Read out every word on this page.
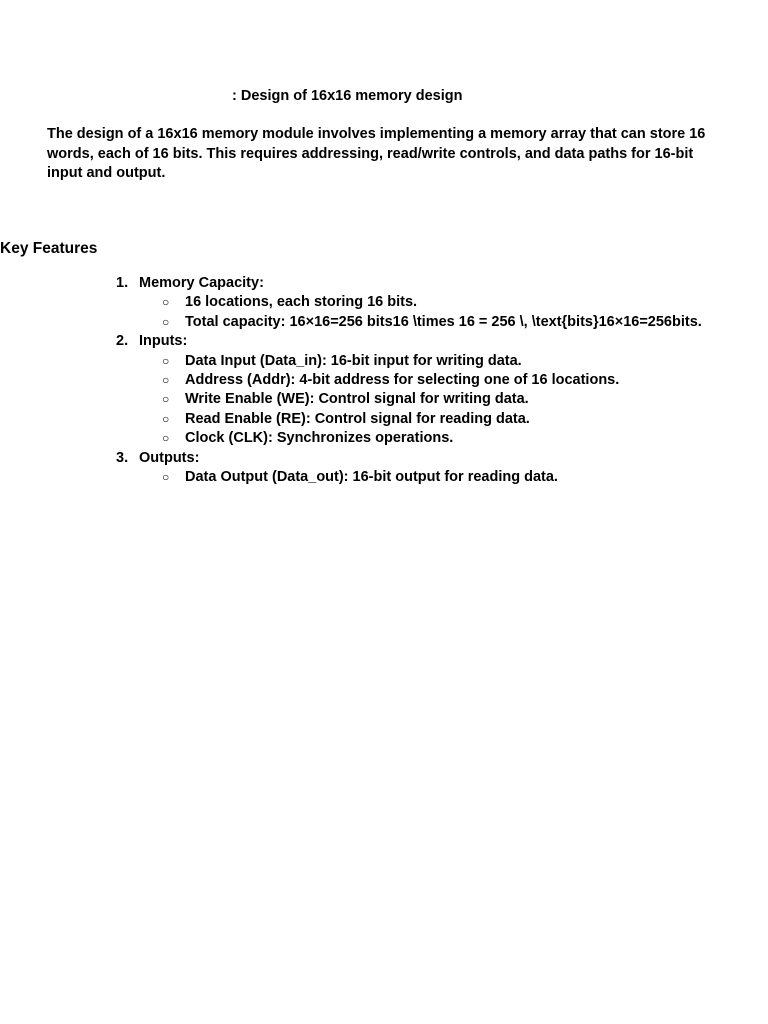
: Design of 16x16 memory design

The design of a 16x16 memory module involves implementing a memory array that can store 16 words, each of 16 bits. This requires addressing, read/write controls, and data paths for 16-bit input and output.

Key Features
1. Memory Capacity:
○ 16 locations, each storing 16 bits.
○ Total capacity: 16×16=256 bits16 \times 16 = 256 \, \text{bits}16×16=256bits.
2. Inputs:
○ Data Input (Data_in): 16-bit input for writing data.
○ Address (Addr): 4-bit address for selecting one of 16 locations.
○ Write Enable (WE): Control signal for writing data.
○ Read Enable (RE): Control signal for reading data.
○ Clock (CLK): Synchronizes operations.
3. Outputs:
○ Data Output (Data_out): 16-bit output for reading data.
